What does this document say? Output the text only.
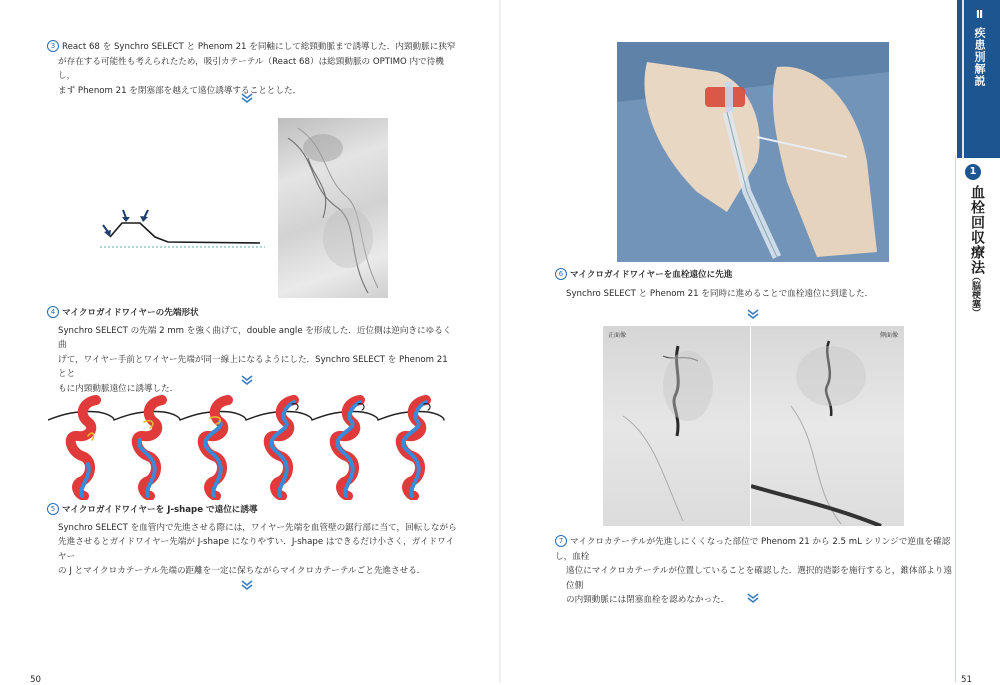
3 React 68 を Synchro SELECT と Phenom 21 を同軸にして総頸動脈まで誘導した．内頸動脈に狭窄
が存在する可能性も考えられたため，吸引カテーテル（React 68）は総頸動脈の OPTIMO 内で待機し，
まず Phenom 21 を閉塞部を越えて遠位誘導することとした．
4 マイクロガイドワイヤーの先端形状
Synchro SELECT の先端 2 mm を強く曲げて，double angle を形成した．近位側は逆向きにゆるく曲
げて，ワイヤー手前とワイヤー先端が同一線上になるようにした．Synchro SELECT を Phenom 21 とと
もに内頸動脈遠位に誘導した．
5 マイクロガイドワイヤーを J-shape で遠位に誘導
Synchro SELECT を血管内で先進させる際には，ワイヤー先端を血管壁の鋸行部に当て，回転しながら
先進させるとガイドワイヤー先端が J-shape になりやすい．J-shape はできるだけ小さく，ガイドワイヤー
の J とマイクロカテーテル先端の距離を一定に保ちながらマイクロカテーテルごと先進させる．
50
6 マイクロガイドワイヤーを血栓遠位に先進
Synchro SELECT と Phenom 21 を同時に進めることで血栓遠位に到達した．
正面像	側面像
7 マイクロカテーテルが先進しにくくなった部位で Phenom 21 から 2.5 mL シリンジで逆血を確認し，血栓
遠位にマイクロカテーテルが位置していることを確認した．選択的造影を施行すると，錐体部より遠位側
の内頸動脈には閉塞血栓を認めなかった．
51
Ⅱ 疾患別解説
1
血栓回収療法
（脳梗塞）
